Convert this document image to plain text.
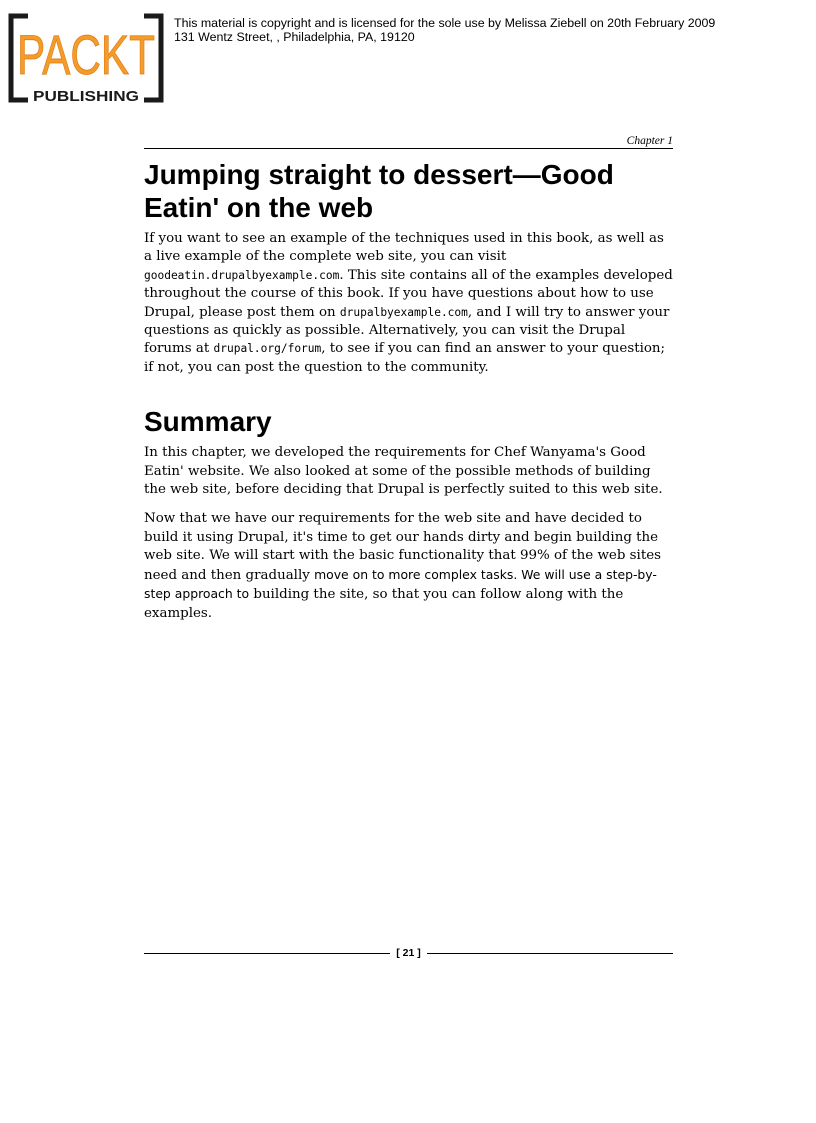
PACKT
PUBLISHING
This material is copyright and is licensed for the sole use by Melissa Ziebell on 20th February 2009
131 Wentz Street, , Philadelphia, PA, 19120
Chapter 1
Jumping straight to dessert—Good Eatin' on the web

If you want to see an example of the techniques used in this book, as well as a live example of the complete web site, you can visit goodeatin.drupalbyexample.com. This site contains all of the examples developed throughout the course of this book. If you have questions about how to use Drupal, please post them on drupalbyexample.com, and I will try to answer your questions as quickly as possible. Alternatively, you can visit the Drupal forums at drupal.org/forum, to see if you can find an answer to your question; if not, you can post the question to the community.

Summary

In this chapter, we developed the requirements for Chef Wanyama's Good Eatin' website. We also looked at some of the possible methods of building the web site, before deciding that Drupal is perfectly suited to this web site.

Now that we have our requirements for the web site and have decided to build it using Drupal, it's time to get our hands dirty and begin building the web site. We will start with the basic functionality that 99% of the web sites need and then gradually move on to more complex tasks. We will use a step-by-step approach to building the site, so that you can follow along with the examples.

[ 21 ]
